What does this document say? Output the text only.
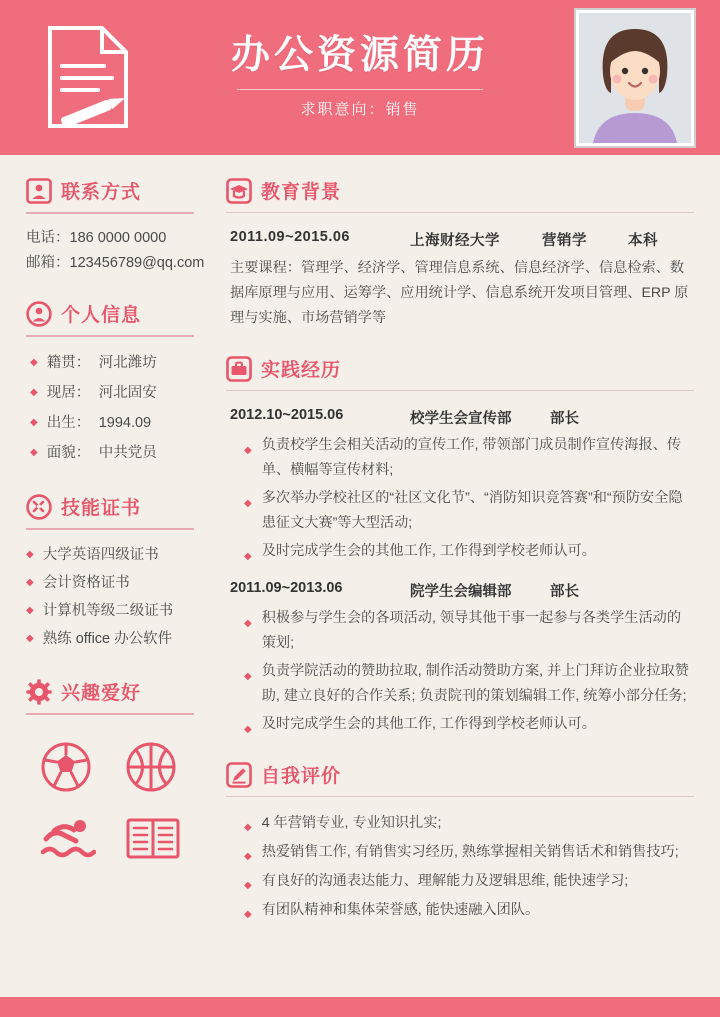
办公资源简历
求职意向：销售
联系方式
电话：186 0000 0000
邮箱：123456789@qq.com
个人信息
◆ 籍贯： 河北潍坊
◆ 现居： 河北固安
◆ 出生： 1994.09
◆ 面貌： 中共党员
技能证书
◆ 大学英语四级证书
◆ 会计资格证书
◆ 计算机等级二级证书
◆ 熟练 office 办公软件
兴趣爱好
教育背景
2011.09~2015.06	上海财经大学	营销学	本科
主要课程：管理学、经济学、管理信息系统、信息经济学、信息检索、数据库原理与应用、运筹学、应用统计学、信息系统开发项目管理、ERP 原理与实施、市场营销学等
实践经历
2012.10~2015.06	校学生会宣传部	部长
◆ 负责校学生会相关活动的宣传工作, 带领部门成员制作宣传海报、传单、横幅等宣传材料;
◆ 多次举办学校社区的“社区文化节”、“消防知识竞答赛”和“预防安全隐患征文大赛”等大型活动;
◆ 及时完成学生会的其他工作, 工作得到学校老师认可。
2011.09~2013.06	院学生会编辑部	部长
◆ 积极参与学生会的各项活动, 领导其他干事一起参与各类学生活动的策划;
◆ 负责学院活动的赞助拉取, 制作活动赞助方案, 并上门拜访企业拉取赞助, 建立良好的合作关系; 负责院刊的策划编辑工作, 统筹小部分任务;
◆ 及时完成学生会的其他工作, 工作得到学校老师认可。
自我评价
◆ 4 年营销专业, 专业知识扎实;
◆ 热爱销售工作, 有销售实习经历, 熟练掌握相关销售话术和销售技巧;
◆ 有良好的沟通表达能力、理解能力及逻辑思维, 能快速学习;
◆ 有团队精神和集体荣誉感, 能快速融入团队。
